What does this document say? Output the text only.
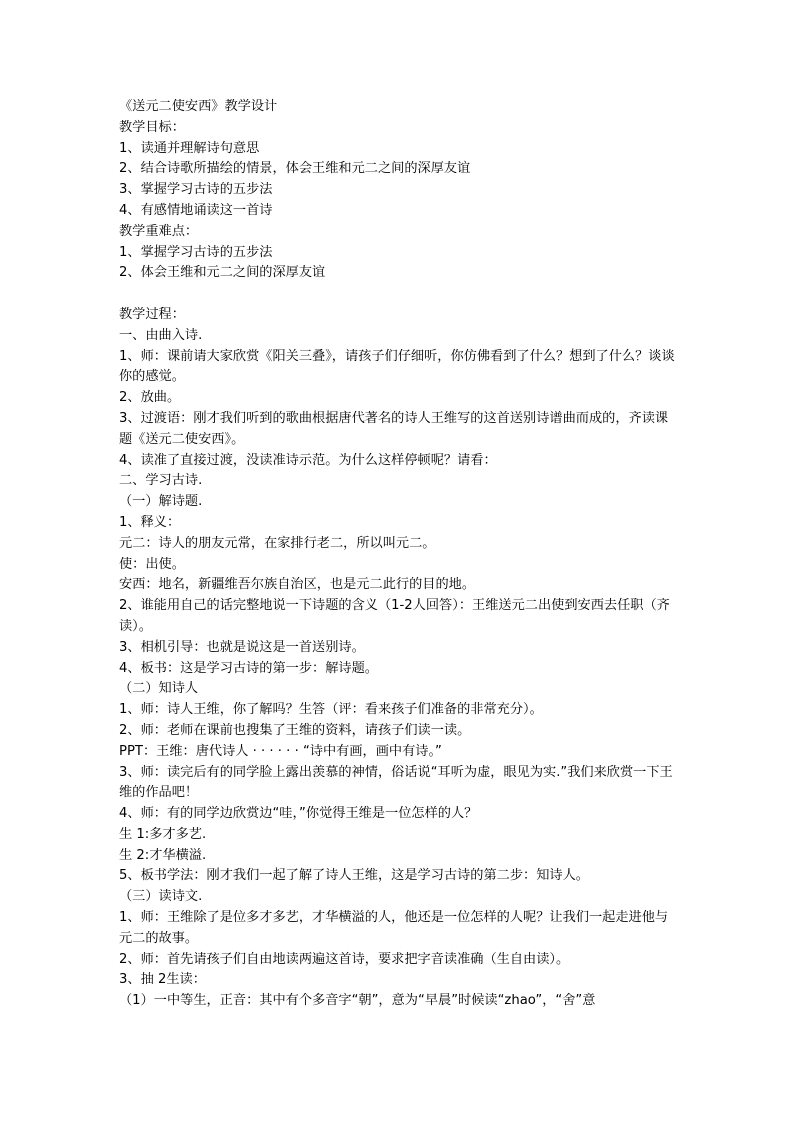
《送元二使安西》教学设计
教学目标：
1、读通并理解诗句意思
2、结合诗歌所描绘的情景，体会王维和元二之间的深厚友谊
3、掌握学习古诗的五步法
4、有感情地诵读这一首诗
教学重难点：
1、掌握学习古诗的五步法
2、体会王维和元二之间的深厚友谊
教学过程：
一、由曲入诗.
1、师：课前请大家欣赏《阳关三叠》，请孩子们仔细听，你仿佛看到了什么？想到了什么？谈谈你的感觉。
2、放曲。
3、过渡语：刚才我们听到的歌曲根据唐代著名的诗人王维写的这首送别诗谱曲而成的，齐读课题《送元二使安西》。
4、读准了直接过渡，没读准诗示范。为什么这样停顿呢？请看：
二、学习古诗.
（一）解诗题.
1、释义：
元二：诗人的朋友元常，在家排行老二，所以叫元二。
使：出使。
安西：地名，新疆维吾尔族自治区，也是元二此行的目的地。
2、谁能用自己的话完整地说一下诗题的含义（1-2人回答）：王维送元二出使到安西去任职（齐读）。
3、相机引导：也就是说这是一首送别诗。
4、板书：这是学习古诗的第一步：解诗题。
（二）知诗人
1、师：诗人王维，你了解吗？生答（评：看来孩子们准备的非常充分）。
2、师：老师在课前也搜集了王维的资料，请孩子们读一读。
PPT：王维：唐代诗人 · · · · · · “诗中有画，画中有诗。”
3、师：读完后有的同学脸上露出羡慕的神情，俗话说“耳听为虚，眼见为实.”我们来欣赏一下王维的作品吧！
4、师：有的同学边欣赏边“哇，”你觉得王维是一位怎样的人？
生 1:多才多艺.
生 2:才华横溢.
5、板书学法：刚才我们一起了解了诗人王维，这是学习古诗的第二步：知诗人。
（三）读诗文.
1、师：王维除了是位多才多艺，才华横溢的人，他还是一位怎样的人呢？让我们一起走进他与元二的故事。
2、师：首先请孩子们自由地读两遍这首诗，要求把字音读准确（生自由读）。
3、抽 2生读：
（1）一中等生，正音：其中有个多音字“朝”，意为“早晨”时候读“zhao”，“舍”意
